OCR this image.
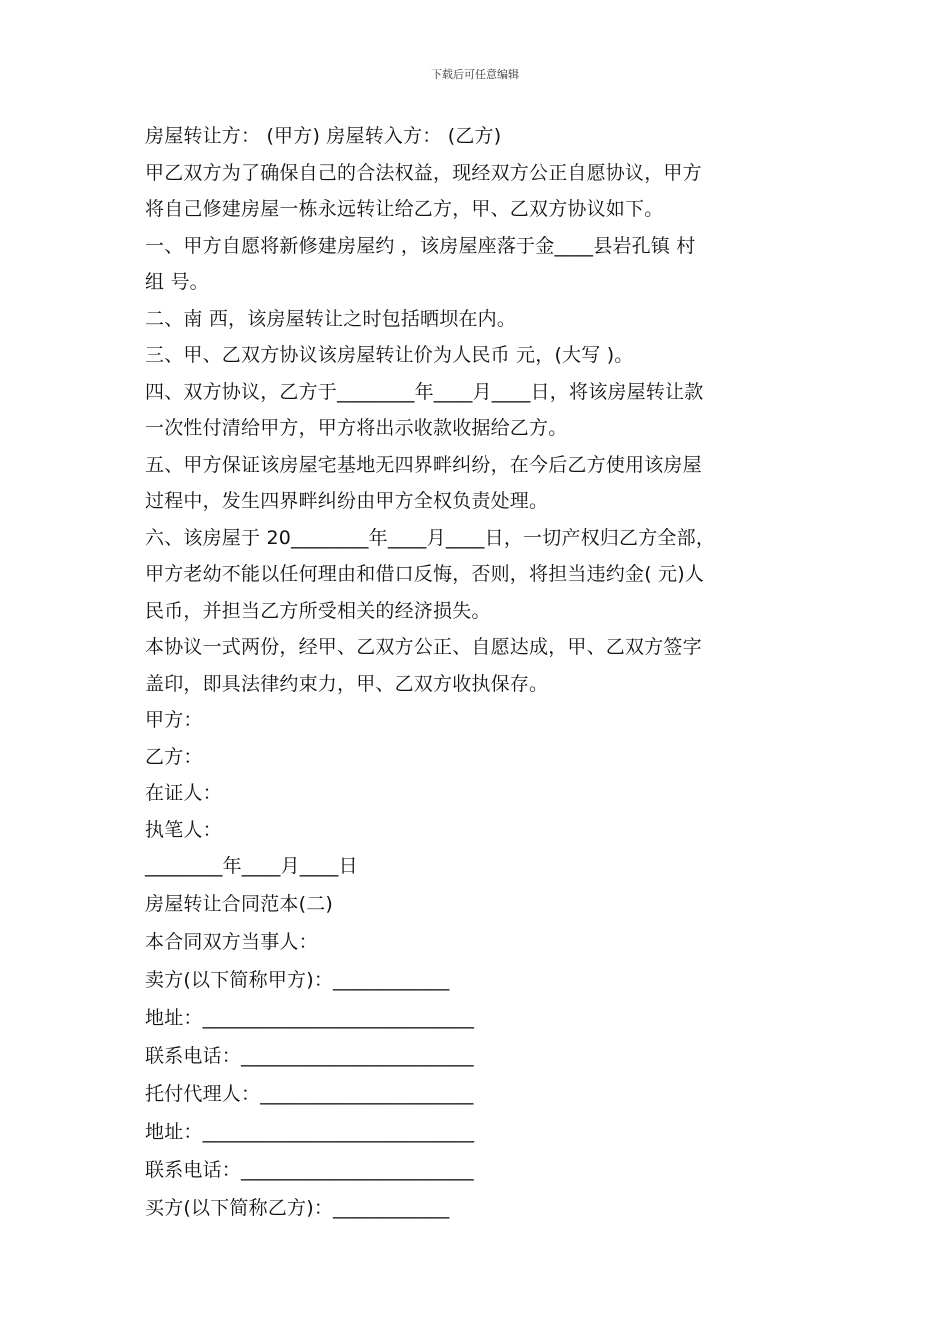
下载后可任意编辑
房屋转让方： (甲方) 房屋转入方： (乙方)
甲乙双方为了确保自己的合法权益，现经双方公正自愿协议，甲方
将自己修建房屋一栋永远转让给乙方，甲、乙双方协议如下。
一、甲方自愿将新修建房屋约 ，该房屋座落于金____县岩孔镇 村
组 号。
二、南 西，该房屋转让之时包括晒坝在内。
三、甲、乙双方协议该房屋转让价为人民币 元，(大写 )。
四、双方协议，乙方于________年____月____日，将该房屋转让款
一次性付清给甲方，甲方将出示收款收据给乙方。
五、甲方保证该房屋宅基地无四界畔纠纷，在今后乙方使用该房屋
过程中，发生四界畔纠纷由甲方全权负责处理。
六、该房屋于 20________年____月____日，一切产权归乙方全部，
甲方老幼不能以任何理由和借口反悔，否则，将担当违约金( 元)人
民币，并担当乙方所受相关的经济损失。
本协议一式两份，经甲、乙双方公正、自愿达成，甲、乙双方签字
盖印，即具法律约束力，甲、乙双方收执保存。
甲方：
乙方：
在证人：
执笔人：
________年____月____日
房屋转让合同范本(二)
本合同双方当事人：
卖方(以下简称甲方)：____________
地址：____________________________
联系电话：________________________
托付代理人：______________________
地址：____________________________
联系电话：________________________
买方(以下简称乙方)：____________
